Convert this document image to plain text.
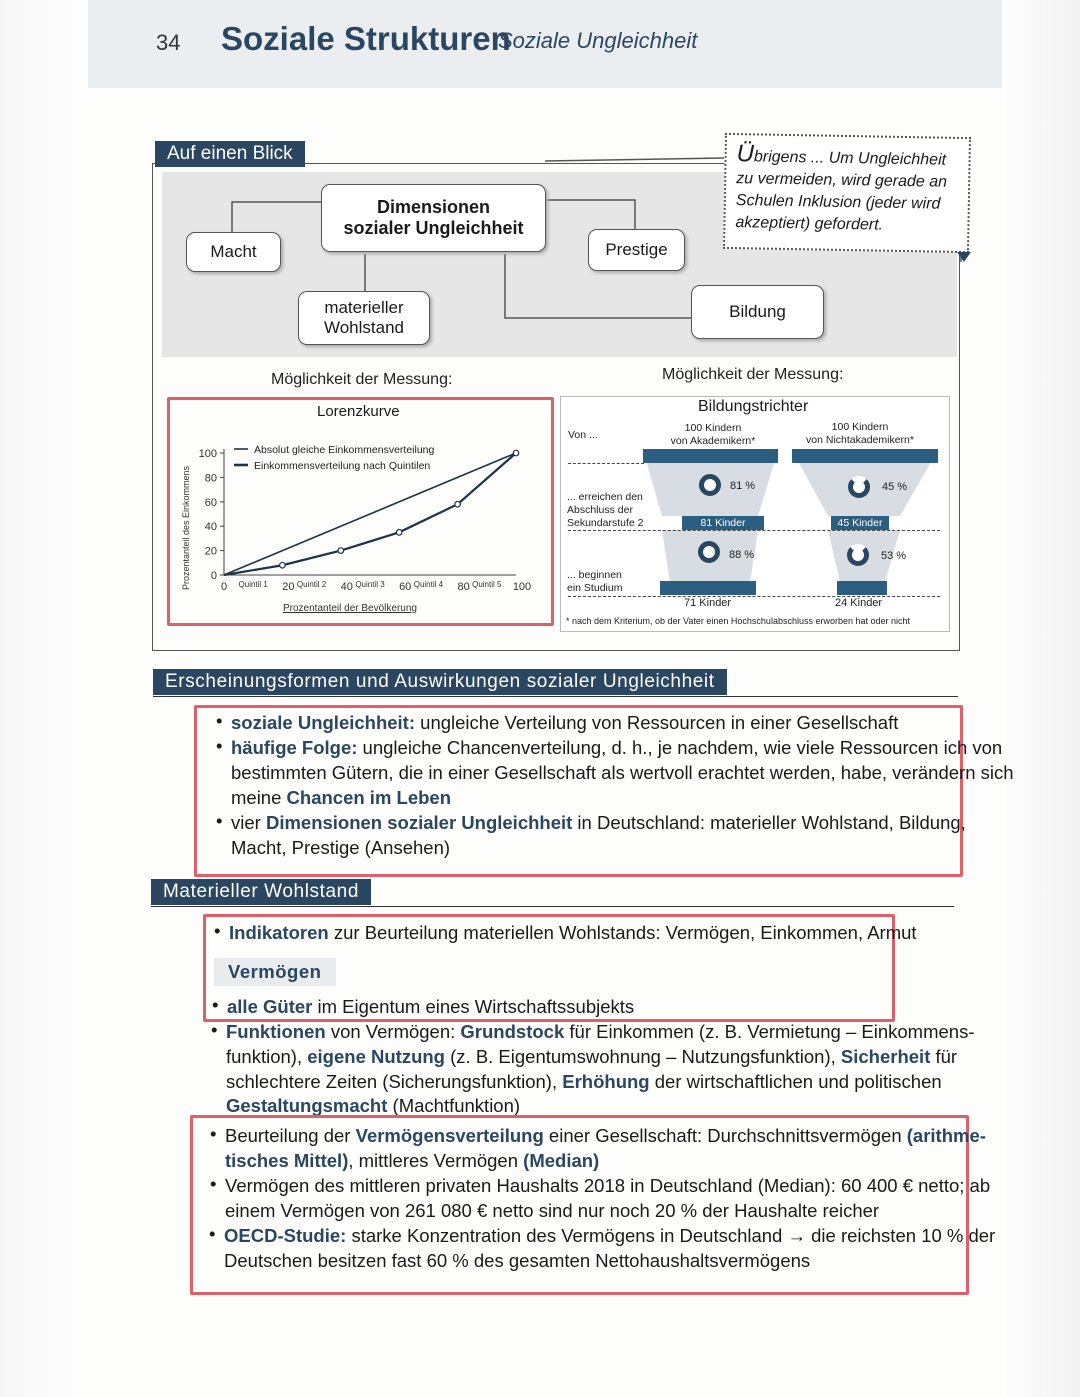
34 Soziale Strukturen
Soziale Ungleichheit
Auf einen Blick
Dimensionen
sozialer Ungleichheit
Macht	Prestige
materieller
Wohlstand
Bildung
Übrigens ... Um Ungleichheit
zu vermeiden, wird gerade an
Schulen Inklusion (jeder wird
akzeptiert) gefordert.
Möglichkeit der Messung:	Möglichkeit der Messung:
Lorenzkurve
0
20
40
60
80
100
0	20	40	60	80	100
Quintil 1	Quintil 2	Quintil 3	Quintil 4	Quintil 5
Prozentanteil der Bevölkerung
Prozentanteil des Einkommens
Absolut gleiche Einkommensverteilung
Einkommensverteilung nach Quintilen
Bildungstrichter
Von ...
100 Kindern
von Akademikern*
100 Kindern
von Nichtakademikern*
... erreichen den
Abschluss der
Sekundarstufe 2	81 Kinder	45 Kinder
81 %	45 %
88 %	53 %
... beginnen
ein Studium
71 Kinder	24 Kinder
* nach dem Kriterium, ob der Vater einen Hochschulabschluss erworben hat oder nicht
Erscheinungsformen und Auswirkungen sozialer Ungleichheit
• soziale Ungleichheit: ungleiche Verteilung von Ressourcen in einer Gesellschaft
• häufige Folge: ungleiche Chancenverteilung, d. h., je nachdem, wie viele Ressourcen ich von
bestimmten Gütern, die in einer Gesellschaft als wertvoll erachtet werden, habe, verändern sich
meine Chancen im Leben
• vier Dimensionen sozialer Ungleichheit in Deutschland: materieller Wohlstand, Bildung,
Macht, Prestige (Ansehen)
Materieller Wohlstand
• Indikatoren zur Beurteilung materiellen Wohlstands: Vermögen, Einkommen, Armut
Vermögen
• alle Güter im Eigentum eines Wirtschaftssubjekts
• Funktionen von Vermögen: Grundstock für Einkommen (z. B. Vermietung – Einkommens-
funktion), eigene Nutzung (z. B. Eigentumswohnung – Nutzungsfunktion), Sicherheit für
schlechtere Zeiten (Sicherungsfunktion), Erhöhung der wirtschaftlichen und politischen
Gestaltungsmacht (Machtfunktion)
• Beurteilung der Vermögensverteilung einer Gesellschaft: Durchschnittsvermögen (arithme-
tisches Mittel), mittleres Vermögen (Median)
• Vermögen des mittleren privaten Haushalts 2018 in Deutschland (Median): 60 400 € netto; ab
einem Vermögen von 261 080 € netto sind nur noch 20 % der Haushalte reicher
• OECD-Studie: starke Konzentration des Vermögens in Deutschland → die reichsten 10 % der
Deutschen besitzen fast 60 % des gesamten Nettohaushaltsvermögens
